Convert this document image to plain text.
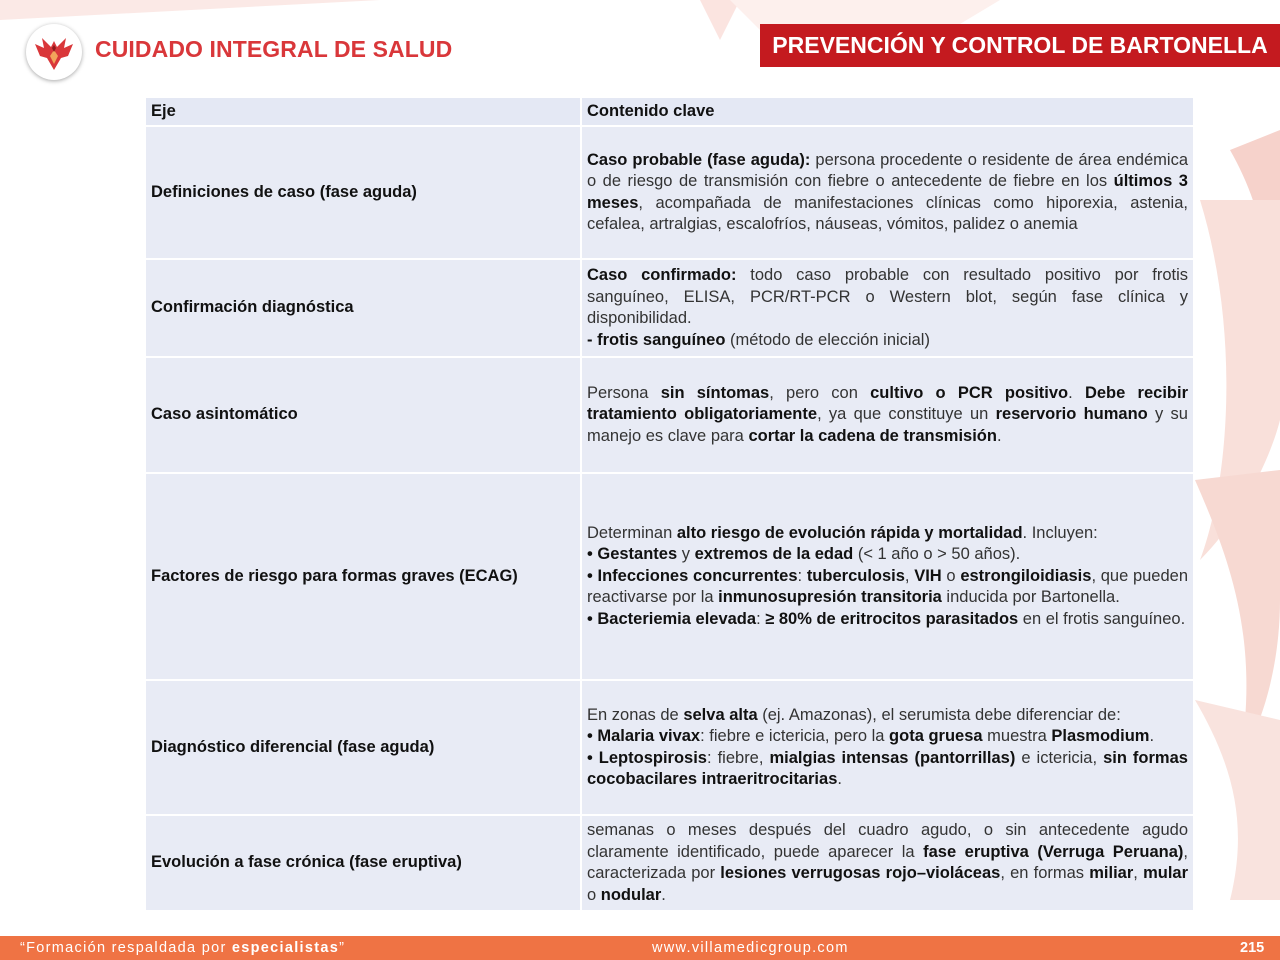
CUIDADO INTEGRAL DE SALUD	PREVENCIÓN Y CONTROL DE BARTONELLA
Eje	Contenido clave
Definiciones de caso (fase aguda)	Caso probable (fase aguda): persona procedente o residente de área endémica o de riesgo de transmisión con fiebre o antecedente de fiebre en los últimos 3 meses, acompañada de manifestaciones clínicas como hiporexia, astenia, cefalea, artralgias, escalofríos, náuseas, vómitos, palidez o anemia
Confirmación diagnóstica	Caso confirmado: todo caso probable con resultado positivo por frotis sanguíneo, ELISA, PCR/RT-PCR o Western blot, según fase clínica y disponibilidad.
- frotis sanguíneo (método de elección inicial)

Caso asintomático	Persona sin síntomas, pero con cultivo o PCR positivo. Debe recibir tratamiento obligatoriamente, ya que constituye un reservorio humano y su manejo es clave para cortar la cadena de transmisión.
Factores de riesgo para formas graves (ECAG)	Determinan alto riesgo de evolución rápida y mortalidad. Incluyen:
• Gestantes y extremos de la edad (< 1 año o > 50 años).
• Infecciones concurrentes: tuberculosis, VIH o estrongiloidiasis, que pueden reactivarse por la inmunosupresión transitoria inducida por Bartonella.
• Bacteriemia elevada: ≥ 80% de eritrocitos parasitados en el frotis sanguíneo.

Diagnóstico diferencial (fase aguda)	En zonas de selva alta (ej. Amazonas), el serumista debe diferenciar de:
• Malaria vivax: fiebre e ictericia, pero la gota gruesa muestra Plasmodium.
• Leptospirosis: fiebre, mialgias intensas (pantorrillas) e ictericia, sin formas cocobacilares intraeritrocitarias.

Evolución a fase crónica (fase eruptiva)	semanas o meses después del cuadro agudo, o sin antecedente agudo claramente identificado, puede aparecer la fase eruptiva (Verruga Peruana), caracterizada por lesiones verrugosas rojo–violáceas, en formas miliar, mular o nodular.
“Formación respaldada por especialistas”	www.villamedicgroup.com	215
